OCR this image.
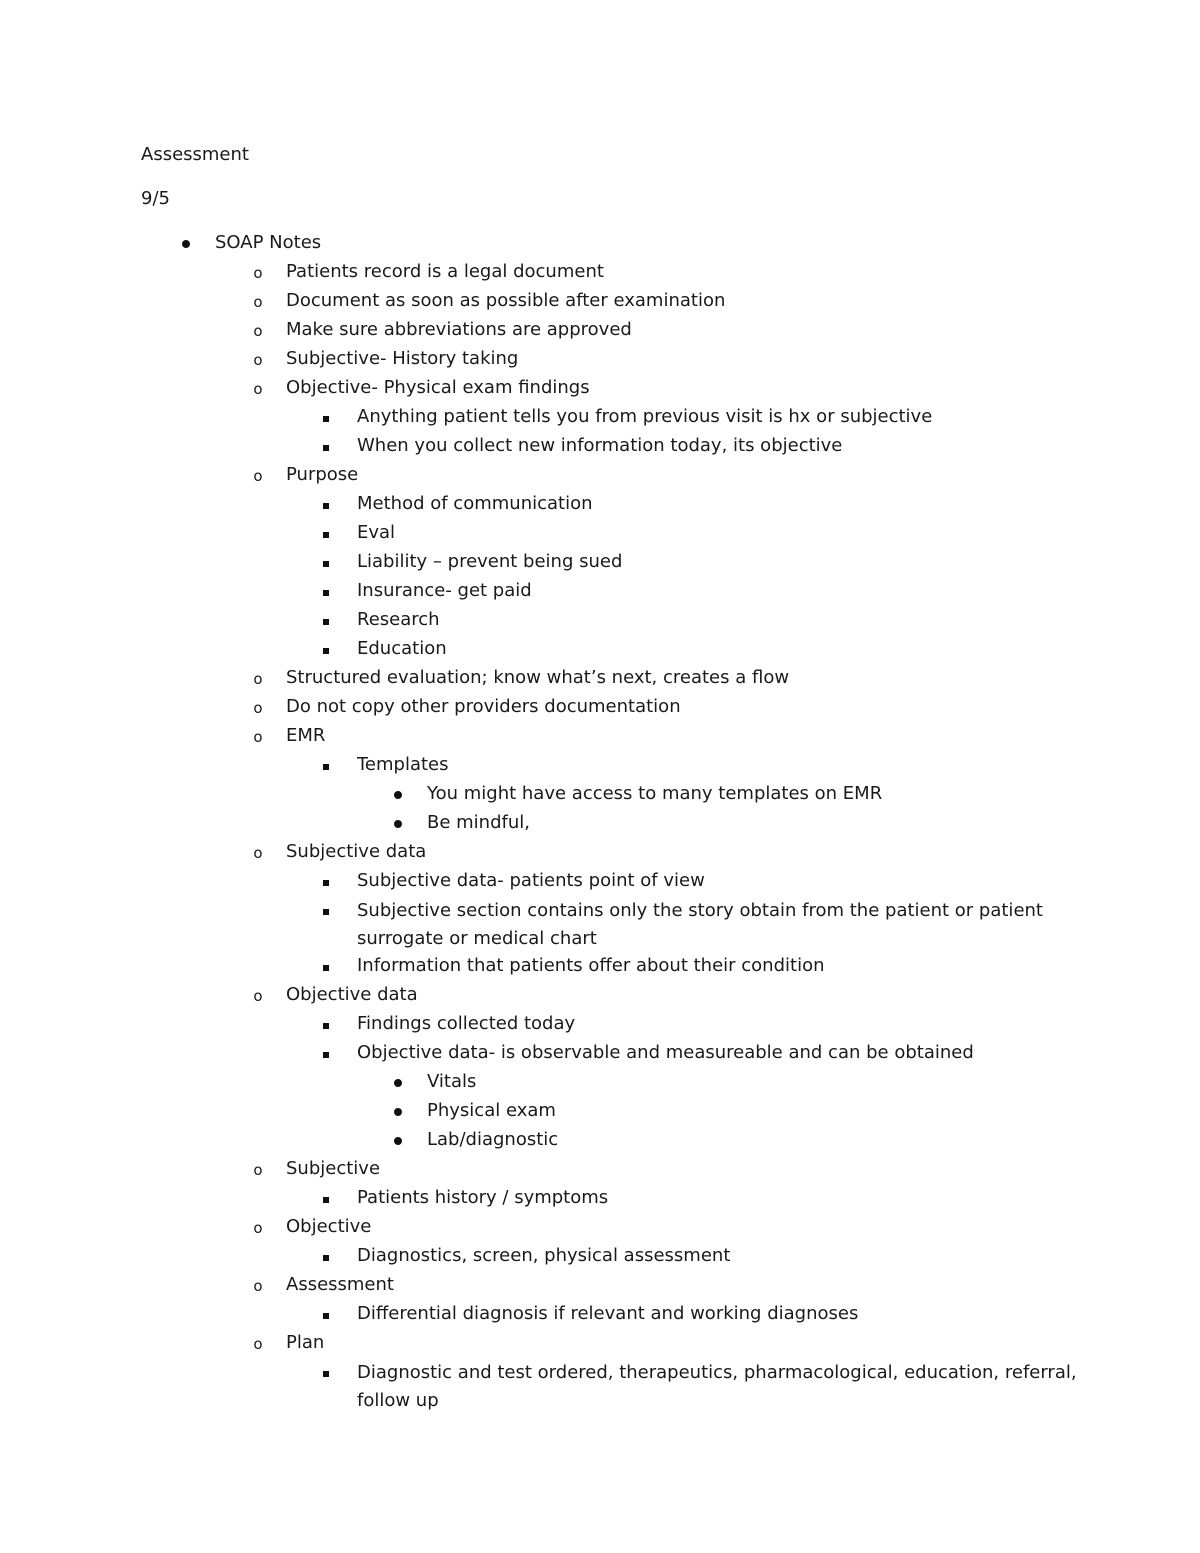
Assessment
9/5
SOAP Notes
o	Patients record is a legal document
o	Document as soon as possible after examination
o	Make sure abbreviations are approved
o	Subjective- History taking
o	Objective- Physical exam findings
Anything patient tells you from previous visit is hx or subjective
When you collect new information today, its objective
o	Purpose
Method of communication
Eval
Liability – prevent being sued
Insurance- get paid
Research
Education
o	Structured evaluation; know what’s next, creates a flow
o	Do not copy other providers documentation
o	EMR
Templates
You might have access to many templates on EMR
Be mindful,
o	Subjective data
Subjective data- patients point of view
Subjective section contains only the story obtain from the patient or patient surrogate or medical chart
Information that patients offer about their condition
o	Objective data
Findings collected today
Objective data- is observable and measureable and can be obtained
Vitals
Physical exam
Lab/diagnostic
o	Subjective
Patients history / symptoms
o	Objective
Diagnostics, screen, physical assessment
o	Assessment
Differential diagnosis if relevant and working diagnoses
o	Plan
Diagnostic and test ordered, therapeutics, pharmacological, education, referral, follow up
